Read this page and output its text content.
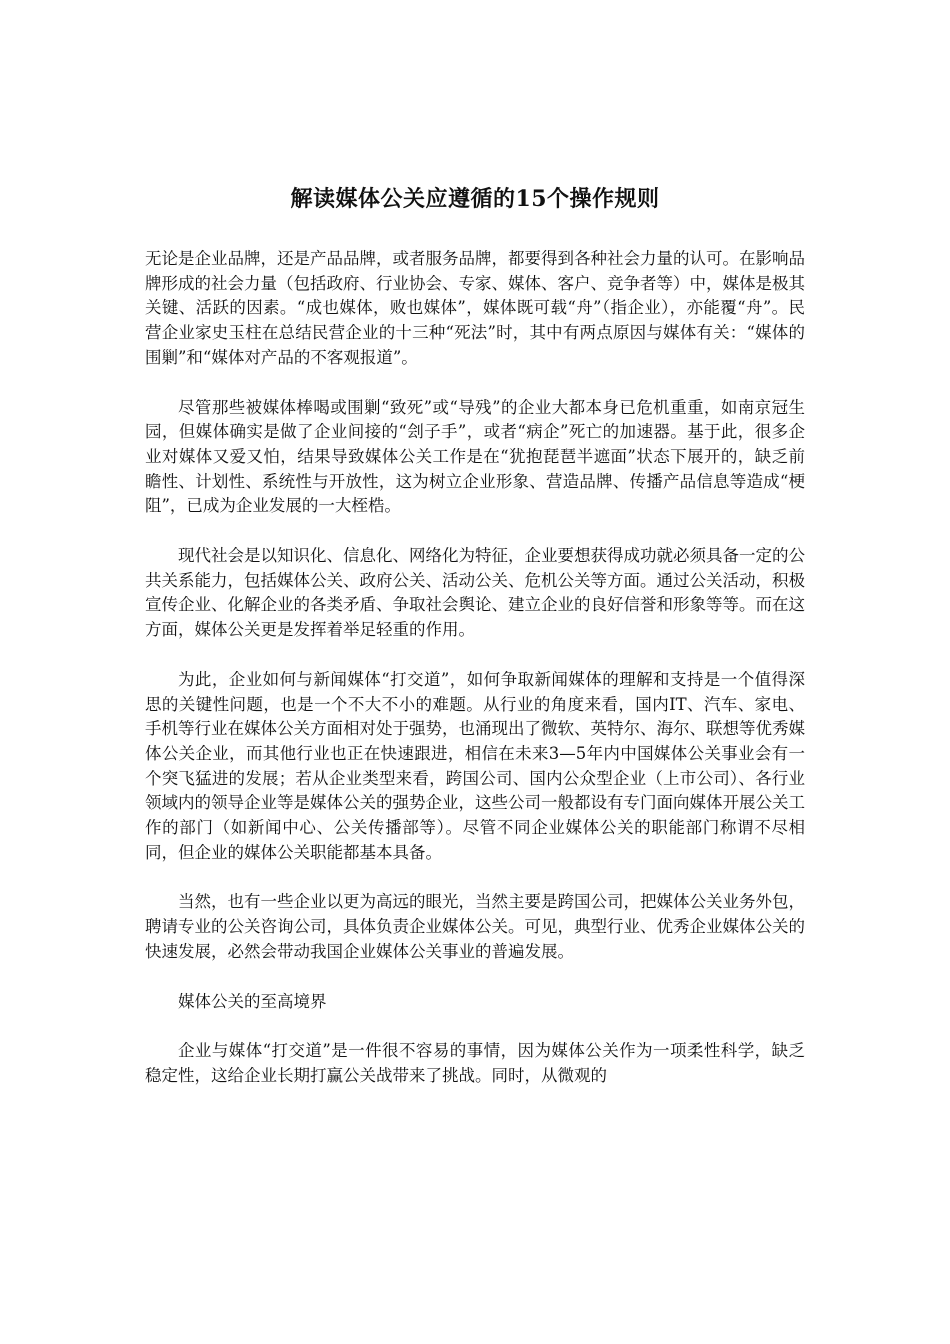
解读媒体公关应遵循的15个操作规则

无论是企业品牌，还是产品品牌，或者服务品牌，都要得到各种社会力量的认可。在影响品牌形成的社会力量（包括政府、行业协会、专家、媒体、客户、竞争者等）中，媒体是极其关键、活跃的因素。“成也媒体，败也媒体”，媒体既可载“舟”（指企业），亦能覆“舟”。民营企业家史玉柱在总结民营企业的十三种“死法”时，其中有两点原因与媒体有关：“媒体的围剿”和“媒体对产品的不客观报道”。

尽管那些被媒体棒喝或围剿“致死”或“导残”的企业大都本身已危机重重，如南京冠生园，但媒体确实是做了企业间接的“刽子手”，或者“病企”死亡的加速器。基于此，很多企业对媒体又爱又怕，结果导致媒体公关工作是在“犹抱琵琶半遮面”状态下展开的，缺乏前瞻性、计划性、系统性与开放性，这为树立企业形象、营造品牌、传播产品信息等造成“梗阻”，已成为企业发展的一大桎梏。

现代社会是以知识化、信息化、网络化为特征，企业要想获得成功就必须具备一定的公共关系能力，包括媒体公关、政府公关、活动公关、危机公关等方面。通过公关活动，积极宣传企业、化解企业的各类矛盾、争取社会舆论、建立企业的良好信誉和形象等等。而在这方面，媒体公关更是发挥着举足轻重的作用。

为此，企业如何与新闻媒体“打交道”，如何争取新闻媒体的理解和支持是一个值得深思的关键性问题，也是一个不大不小的难题。从行业的角度来看，国内IT、汽车、家电、手机等行业在媒体公关方面相对处于强势，也涌现出了微软、英特尔、海尔、联想等优秀媒体公关企业，而其他行业也正在快速跟进，相信在未来3—5年内中国媒体公关事业会有一个突飞猛进的发展；若从企业类型来看，跨国公司、国内公众型企业（上市公司）、各行业领域内的领导企业等是媒体公关的强势企业，这些公司一般都设有专门面向媒体开展公关工作的部门（如新闻中心、公关传播部等）。尽管不同企业媒体公关的职能部门称谓不尽相同，但企业的媒体公关职能都基本具备。

当然，也有一些企业以更为高远的眼光，当然主要是跨国公司，把媒体公关业务外包，聘请专业的公关咨询公司，具体负责企业媒体公关。可见，典型行业、优秀企业媒体公关的快速发展，必然会带动我国企业媒体公关事业的普遍发展。

媒体公关的至高境界

企业与媒体“打交道”是一件很不容易的事情，因为媒体公关作为一项柔性科学，缺乏稳定性，这给企业长期打赢公关战带来了挑战。同时，从微观的
